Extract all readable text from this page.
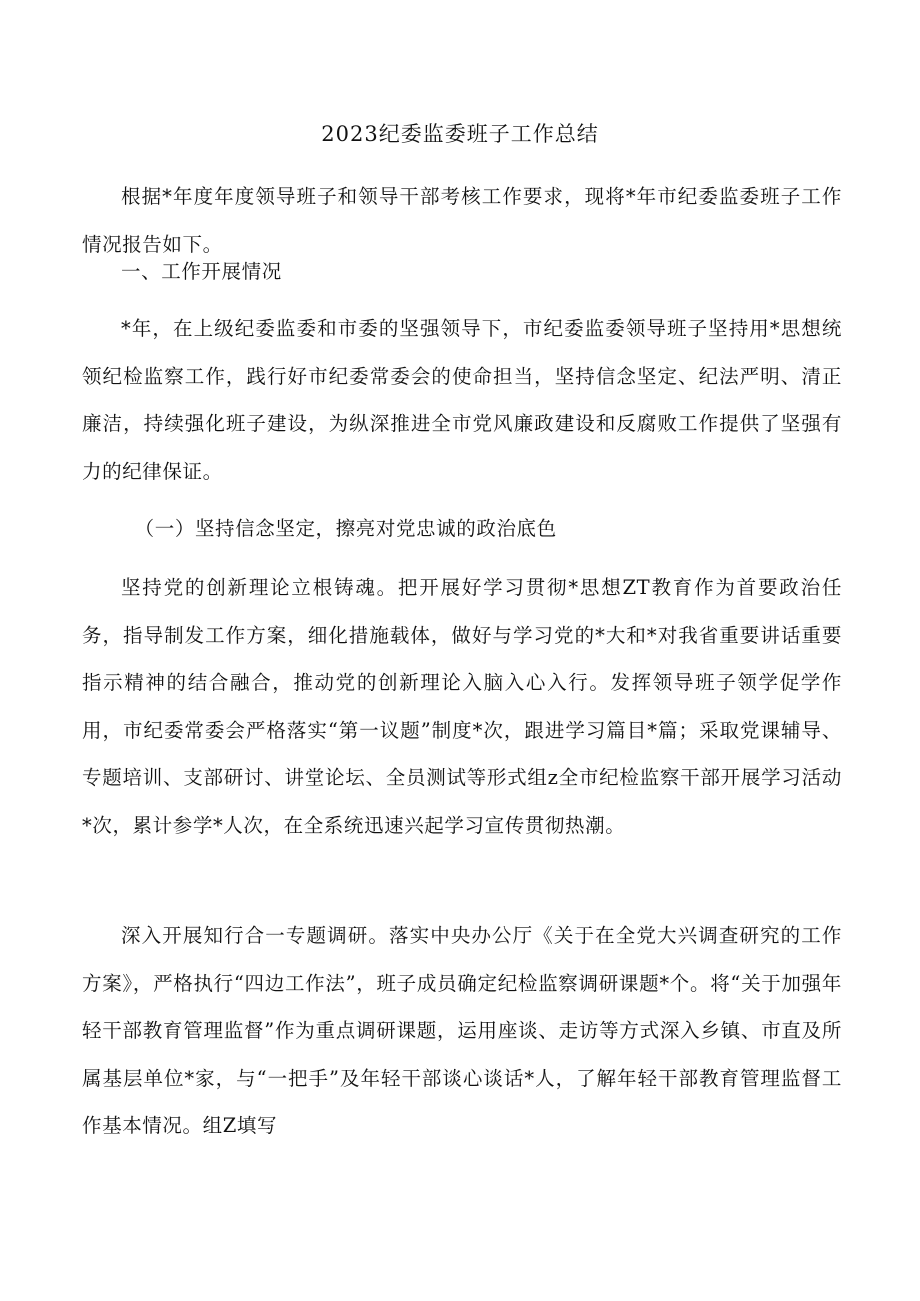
2023纪委监委班子工作总结

根据*年度年度领导班子和领导干部考核工作要求，现将*年市纪委监委班子工作情况报告如下。

一、工作开展情况

*年，在上级纪委监委和市委的坚强领导下，市纪委监委领导班子坚持用*思想统领纪检监察工作，践行好市纪委常委会的使命担当，坚持信念坚定、纪法严明、清正廉洁，持续强化班子建设，为纵深推进全市党风廉政建设和反腐败工作提供了坚强有力的纪律保证。

（一）坚持信念坚定，擦亮对党忠诚的政治底色

坚持党的创新理论立根铸魂。把开展好学习贯彻*思想ZT教育作为首要政治任务，指导制发工作方案，细化措施载体，做好与学习党的*大和*对我省重要讲话重要指示精神的结合融合，推动党的创新理论入脑入心入行。发挥领导班子领学促学作用，市纪委常委会严格落实“第一议题”制度*次，跟进学习篇目*篇；采取党课辅导、专题培训、支部研讨、讲堂论坛、全员测试等形式组z全市纪检监察干部开展学习活动*次，累计参学*人次，在全系统迅速兴起学习宣传贯彻热潮。

深入开展知行合一专题调研。落实中央办公厅《关于在全党大兴调查研究的工作方案》，严格执行“四边工作法”，班子成员确定纪检监察调研课题*个。将“关于加强年轻干部教育管理监督”作为重点调研课题，运用座谈、走访等方式深入乡镇、市直及所属基层单位*家，与“一把手”及年轻干部谈心谈话*人，了解年轻干部教育管理监督工作基本情况。组Z填写
